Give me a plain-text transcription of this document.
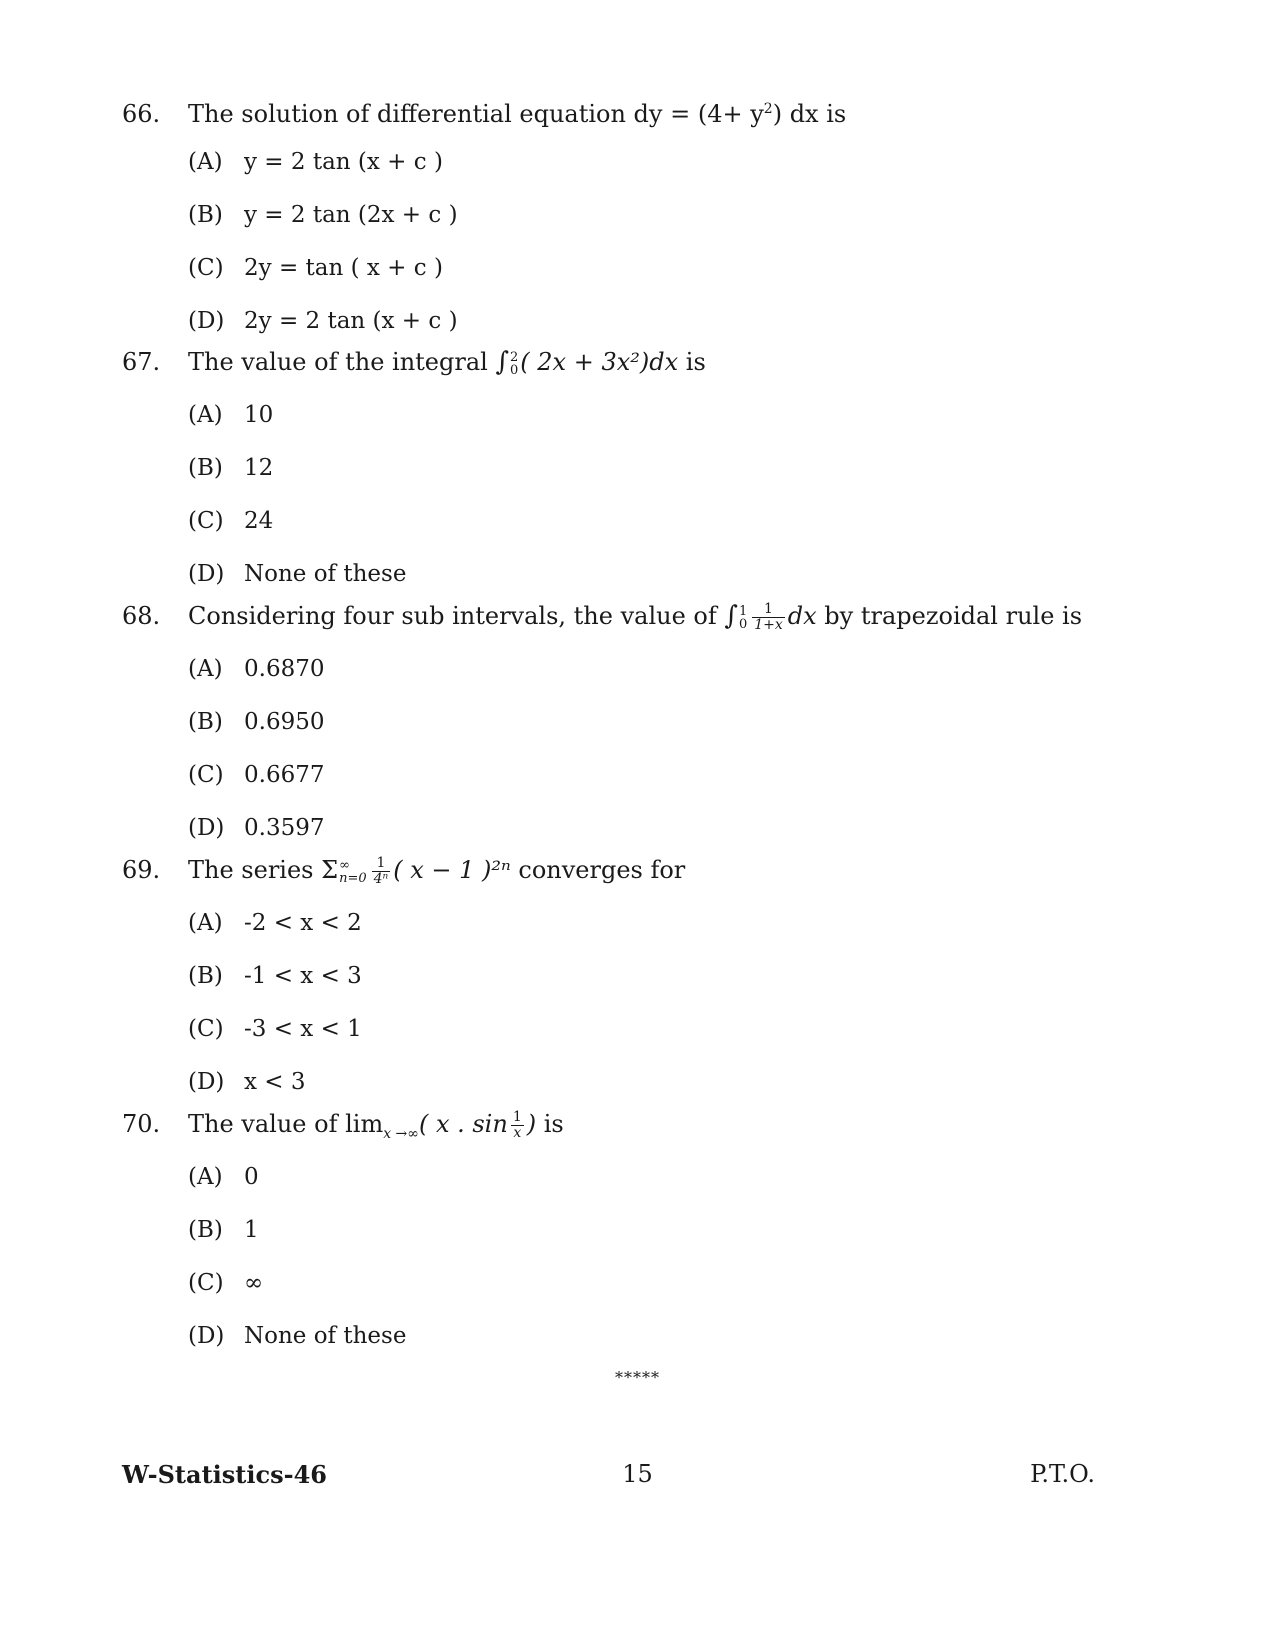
66.	The solution of differential equation dy = $(4+ y^2)$ dx is
(A) y = 2 tan (x + c )
(B) y = 2 tan (2x + c )
(C) 2y = tan ( x + c )
(D) 2y = 2 tan (x + c )
67.	The value of the integral ∫ 2
0 ( 2x + 3x²)dx is
(A) 10
(B) 12
(C) 24
(D) None of these
68.	Considering four sub intervals, the value of ∫ 1
$0 \frac{1}{1+x}$ dx by trapezoidal rule is
(A) 0.6870
(B) 0.6950
(C) 0.6677
(D) 0.3597
69.	The series Σ ∞
$n=0 \frac{1}{\text{4ⁿ}}$ ( x − 1 )²ⁿ converges for
(A) -2 < x < 2
(B) -1 < x < 3
(C) -3 < x < 1
(D) x < 3
70.	The value of $\lim_{x \to\infty}$( x . $\sin \frac{1}{x}$ ) is
(A) 0
(B) 1
(C) ∞
(D) None of these
*****
W-Statistics-46	15	P.T.O.
